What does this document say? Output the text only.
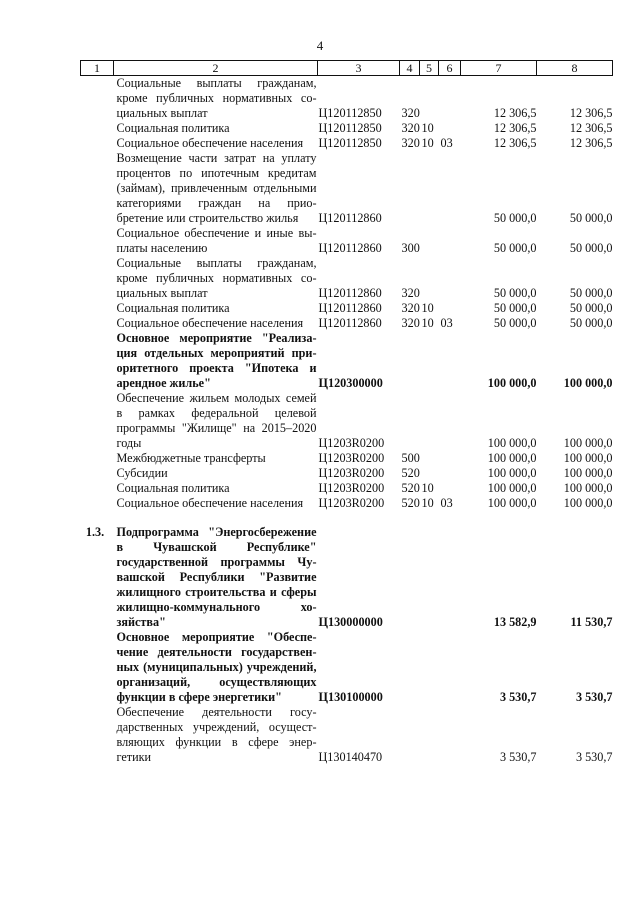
4
1	2	3	4	5	6	7	8
	Социальные выплаты гражданам, кроме публичных нормативных социальных выплат	Ц120112850	320			12 306,5	12 306,5
	Социальная политика	Ц120112850	320	10		12 306,5	12 306,5
	Социальное обеспечение населения	Ц120112850	320	10	03	12 306,5	12 306,5
	Возмещение части затрат на уплату процентов по ипотечным кредитам (займам), привлеченным отдельными категориями граждан на приобретение или строительство жилья	Ц120112860				50 000,0	50 000,0
	Социальное обеспечение и иные выплаты населению	Ц120112860	300			50 000,0	50 000,0
	Социальные выплаты гражданам, кроме публичных нормативных социальных выплат	Ц120112860	320			50 000,0	50 000,0
	Социальная политика	Ц120112860	320	10		50 000,0	50 000,0
	Социальное обеспечение населения	Ц120112860	320	10	03	50 000,0	50 000,0
	Основное мероприятие "Реализация отдельных мероприятий приоритетного проекта "Ипотека и арендное жилье"	Ц120300000				100 000,0	100 000,0
	Обеспечение жильем молодых семей в рамках федеральной целевой программы "Жилище" на 2015–2020 годы	Ц1203R0200				100 000,0	100 000,0
	Межбюджетные трансферты	Ц1203R0200	500			100 000,0	100 000,0
	Субсидии	Ц1203R0200	520			100 000,0	100 000,0
	Социальная политика	Ц1203R0200	520	10		100 000,0	100 000,0
	Социальное обеспечение населения	Ц1203R0200	520	10	03	100 000,0	100 000,0

1.3.	Подпрограмма "Энергосбережение в Чувашской Республике" государственной программы Чувашской Республики "Развитие жилищного строительства и сферы жилищно-коммунального хозяйства"	Ц130000000				13 582,9	11 530,7
	Основное мероприятие "Обеспечение деятельности государственных (муниципальных) учреждений, организаций, осуществляющих функции в сфере энергетики"	Ц130100000				3 530,7	3 530,7
	Обеспечение деятельности государственных учреждений, осуществляющих функции в сфере энергетики	Ц130140470				3 530,7	3 530,7
